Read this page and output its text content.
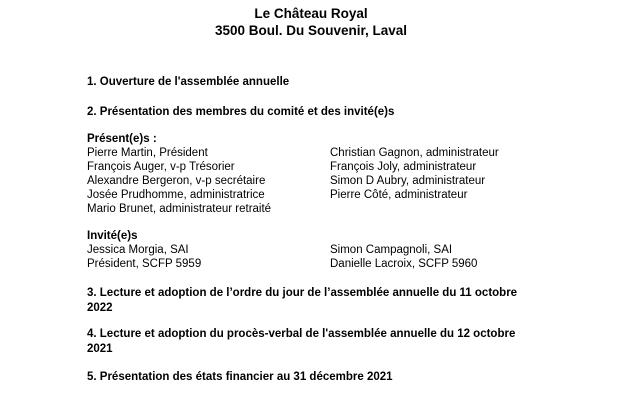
Le Château Royal
3500 Boul. Du Souvenir, Laval
1. Ouverture de l'assemblée annuelle
2. Présentation des membres du comité et des invité(e)s
Présent(e)s :
Pierre Martin, Président
François Auger, v-p Trésorier
Alexandre Bergeron, v-p secrétaire
Josée Prudhomme, administratrice
Mario Brunet, administrateur retraité
Christian Gagnon, administrateur
François Joly, administrateur
Simon D Aubry, administrateur
Pierre Côté, administrateur
Invité(e)s
Jessica Morgia, SAI
Président, SCFP 5959
Simon Campagnoli, SAI
Danielle Lacroix, SCFP 5960
3. Lecture et adoption de l’ordre du jour de l’assemblée annuelle du 11 octobre 2022
4. Lecture et adoption du procès-verbal de l'assemblée annuelle du 12 octobre 2021
5. Présentation des états financier au 31 décembre 2021
